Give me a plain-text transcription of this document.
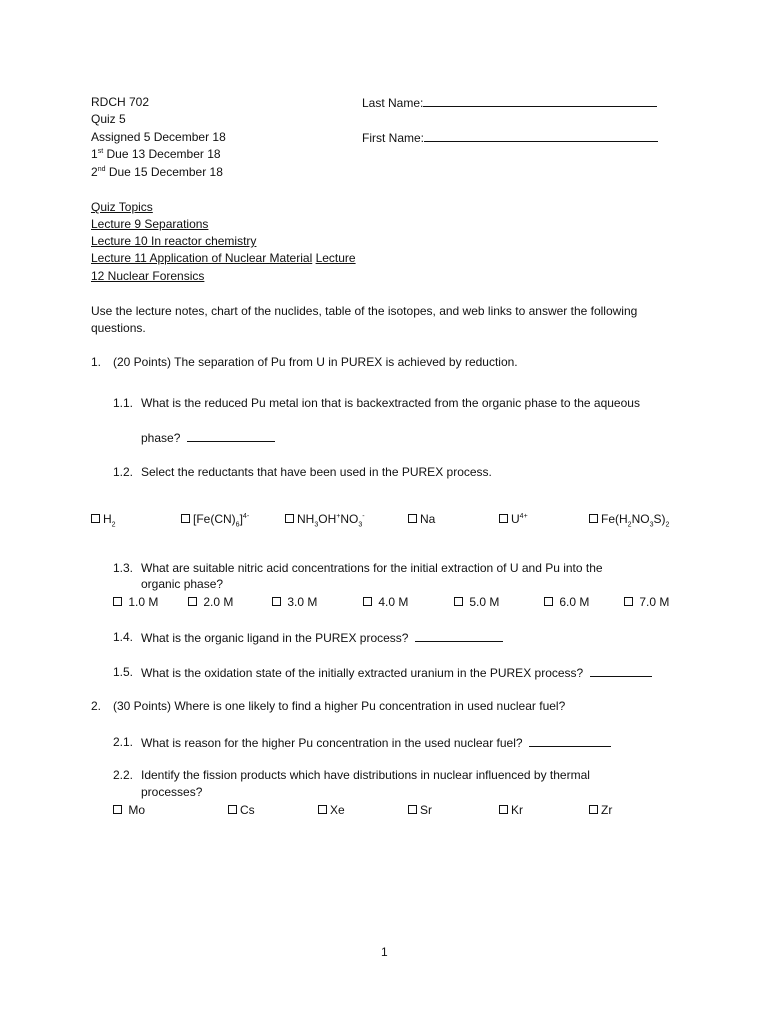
RDCH 702
Quiz 5
Assigned 5 December 18
1st Due 13 December 18
2nd Due 15 December 18
Last Name:
First Name:
Quiz Topics
Lecture 9 Separations
Lecture 10 In reactor chemistry
Lecture 11 Application of Nuclear Material Lecture
12 Nuclear Forensics
Use the lecture notes, chart of the nuclides, table of the isotopes, and web links to answer the following
questions.
1. (20 Points) The separation of Pu from U in PUREX is achieved by reduction.
1.1. What is the reduced Pu metal ion that is backextracted from the organic phase to the aqueous
phase?
1.2. Select the reductants that have been used in the PUREX process.
$H_2$	$[Fe(CN)_6]^{4-}$	$NH_3OH^+NO_3^-$	Na	$U^{4+}$	$Fe(H_2NO_3S)_2$
1.3. What are suitable nitric acid concentrations for the initial extraction of U and Pu into the
organic phase?
1.0 M	2.0 M	3.0 M	4.0 M	5.0 M	6.0 M	7.0 M
1.4. What is the organic ligand in the PUREX process?
1.5. What is the oxidation state of the initially extracted uranium in the PUREX process?
2. (30 Points) Where is one likely to find a higher Pu concentration in used nuclear fuel?
2.1. What is reason for the higher Pu concentration in the used nuclear fuel?
2.2. Identify the fission products which have distributions in nuclear influenced by thermal
processes?
Mo	Cs	Xe	Sr	Kr	Zr
1
